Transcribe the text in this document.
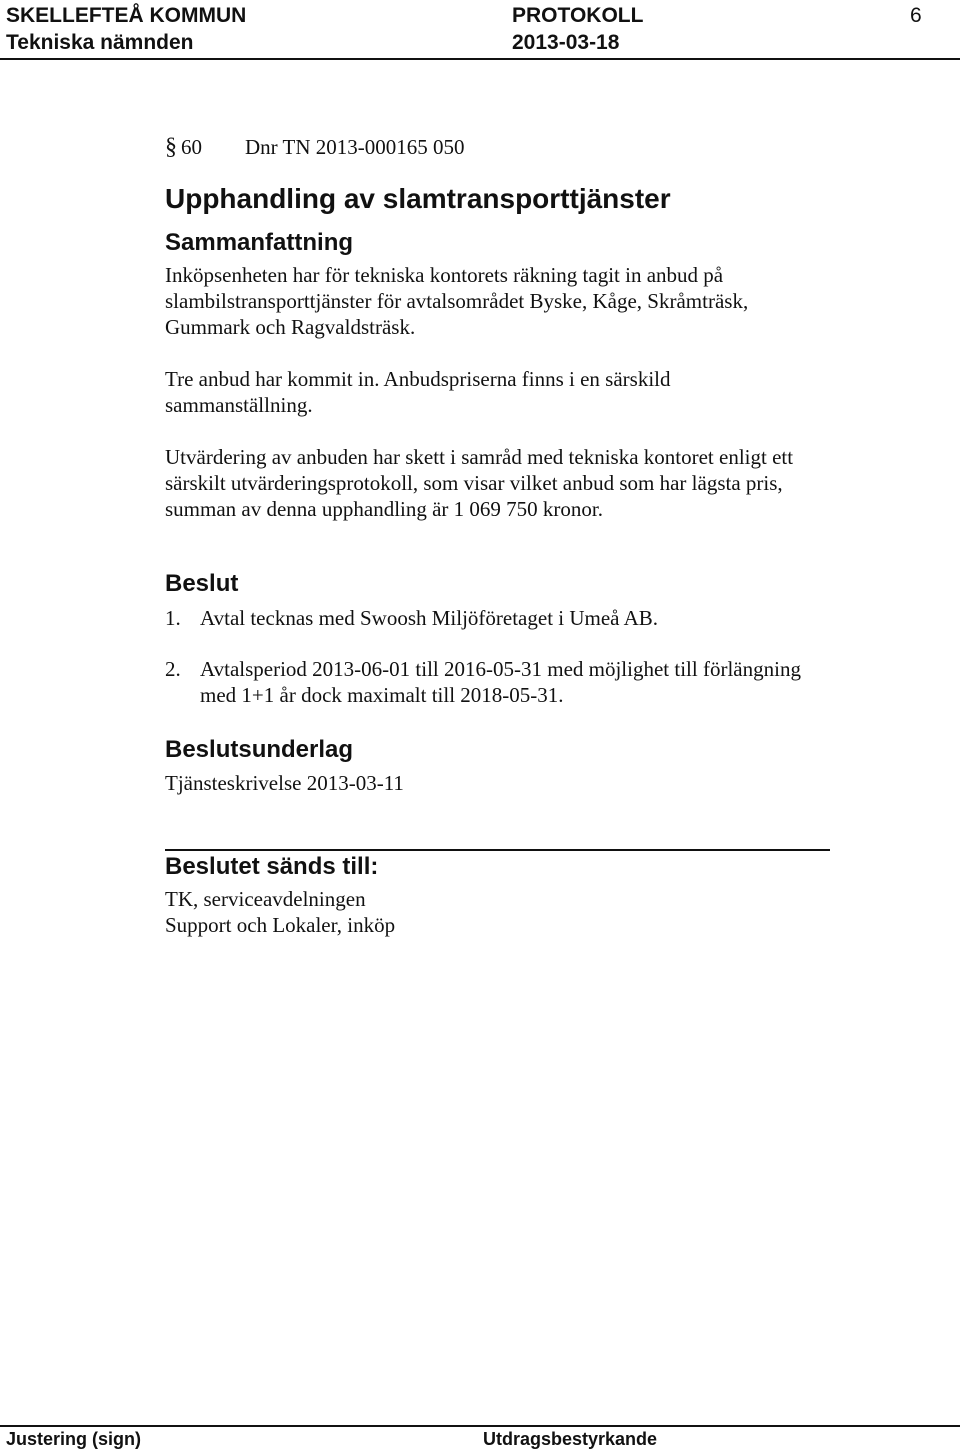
SKELLEFTEÅ KOMMUN	PROTOKOLL	6
Tekniska nämnden	2013-03-18
§ 60 Dnr TN 2013-000165 050
Upphandling av slamtransporttjänster
Sammanfattning
Inköpsenheten har för tekniska kontorets räkning tagit in anbud på
slambilstransporttjänster för avtalsområdet Byske, Kåge, Skråmträsk,
Gummark och Ragvaldsträsk.
Tre anbud har kommit in. Anbudspriserna finns i en särskild
sammanställning.
Utvärdering av anbuden har skett i samråd med tekniska kontoret enligt ett
särskilt utvärderingsprotokoll, som visar vilket anbud som har lägsta pris,
summan av denna upphandling är 1 069 750 kronor.
Beslut
1. Avtal tecknas med Swoosh Miljöföretaget i Umeå AB.
2. Avtalsperiod 2013-06-01 till 2016-05-31 med möjlighet till förlängning
med 1+1 år dock maximalt till 2018-05-31.
Beslutsunderlag
Tjänsteskrivelse 2013-03-11
Beslutet sänds till:
TK, serviceavdelningen
Support och Lokaler, inköp
Justering (sign)	Utdragsbestyrkande
